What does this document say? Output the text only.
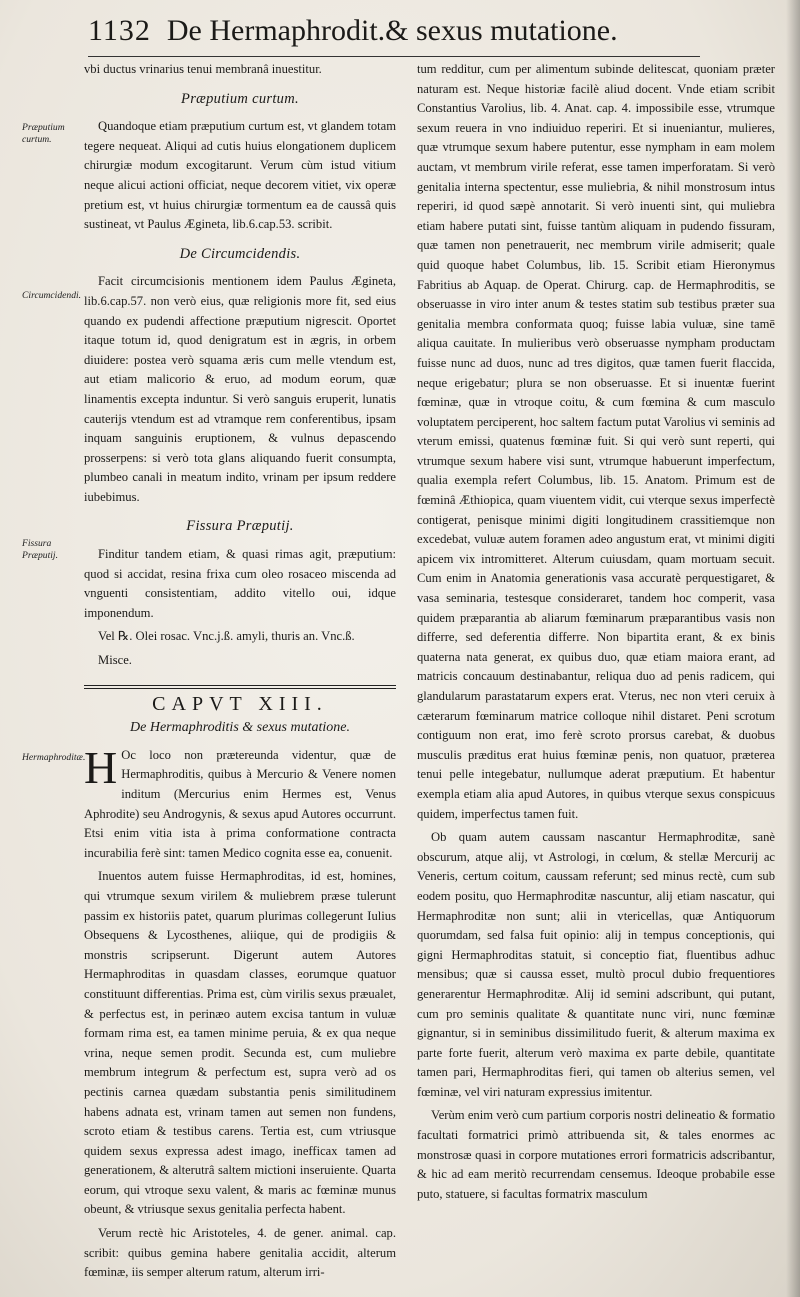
1132 De Hermaphrodit.& sexus mutatione.
Præputium curtum.
Circumcidendi.
Fissura Præputij.
Hermaphroditæ.

vbi ductus vrinarius tenui membranâ inuestitur.

Præputium curtum.

Quandoque etiam præputium curtum est, vt glandem totam tegere nequeat. Aliqui ad cutis huius elongationem duplicem chirurgiæ modum excogitarunt. Verum cùm istud vitium neque alicui actioni officiat, neque decorem vitiet, vix operæ pretium est, vt huius chirurgiæ tormentum ea de caussâ quis sustineat, vt Paulus Ægineta, lib.6.cap.53. scribit.

De Circumcidendis.

Facit circumcisionis mentionem idem Paulus Ægineta, lib.6.cap.57. non verò eius, quæ religionis more fit, sed eius quando ex pudendi affectione præputium nigrescit. Oportet itaque totum id, quod denigratum est in ægris, in orbem diuidere: postea verò squama æris cum melle vtendum est, aut etiam malicorio & eruo, ad modum eorum, quæ linamentis excepta induntur. Si verò sanguis eruperit, lunatis cauterijs vtendum est ad vtramque rem conferentibus, ipsam inquam sanguinis eruptionem, & vulnus depascendo prosserpens: si verò tota glans aliquando fuerit consumpta, plumbeo canali in meatum indito, vrinam per ipsum reddere iubebimus.

Fissura Præputij.

Finditur tandem etiam, & quasi rimas agit, præputium: quod si accidat, resina frixa cum oleo rosaceo miscenda ad vnguenti consistentiam, addito vitello oui, idque imponendum.

Vel ℞. Olei rosac. Vnc.j.ß. amyli, thuris an. Vnc.ß.

Misce.

CAPVT XIII.
De Hermaphroditis & sexus mutatione.

H Oc loco non prætereunda videntur, quæ de Hermaphroditis, quibus à Mercurio & Venere nomen inditum (Mercurius enim Hermes est, Venus Aphrodite) seu Androgynis, & sexus apud Autores occurrunt. Etsi enim vitia ista à prima conformatione contracta incurabilia ferè sint: tamen Medico cognita esse ea, conuenit.

Inuentos autem fuisse Hermaphroditas, id est, homines, qui vtrumque sexum virilem & muliebrem præse tulerunt passim ex historiis patet, quarum plurimas collegerunt Iulius Obsequens & Lycosthenes, aliique, qui de prodigiis & monstris scripserunt. Digerunt autem Autores Hermaphroditas in quasdam classes, eorumque quatuor constituunt differentias. Prima est, cùm virilis sexus præualet, & perfectus est, in perinæo autem excisa tantum in vuluæ formam rima est, ea tamen minime peruia, & ex qua neque vrina, neque semen prodit. Secunda est, cum muliebre membrum integrum & perfectum est, supra verò ad os pectinis carnea quædam substantia penis similitudinem habens adnata est, vrinam tamen aut semen non fundens, scroto etiam & testibus carens. Tertia est, cum vtriusque quidem sexus expressa adest imago, inefficax tamen ad generationem, & alterutrâ saltem mictioni inseruiente. Quarta eorum, qui vtroque sexu valent, & maris ac fœminæ munus obeunt, & vtriusque sexus genitalia perfecta habent.

Verum rectè hic Aristoteles, 4. de gener. animal. cap. scribit: quibus gemina habere genitalia accidit, alterum fœminæ, iis semper alterum ratum, alterum irri-

tum redditur, cum per alimentum subinde delitescat, quoniam præter naturam est. Neque historiæ facilè aliud docent. Vnde etiam scribit Constantius Varolius, lib. 4. Anat. cap. 4. impossibile esse, vtrumque sexum reuera in vno indiuiduo reperiri. Et si inueniantur, mulieres, quæ vtrumque sexum habere putentur, esse nympham in eam molem auctam, vt membrum virile referat, esse tamen imperforatam. Si verò genitalia interna spectentur, esse muliebria, & nihil monstrosum intus reperiri, id quod sæpè annotarit. Si verò inuenti sint, qui muliebra etiam habere putati sint, fuisse tantùm aliquam in pudendo fissuram, quæ tamen non penetrauerit, nec membrum virile admiserit; quale quid quoque habet Columbus, lib. 15. Scribit etiam Hieronymus Fabritius ab Aquap. de Operat. Chirurg. cap. de Hermaphroditis, se obseruasse in viro inter anum & testes statim sub testibus præter sua genitalia membra conformata quoq; fuisse labia vuluæ, sine tamē aliqua cauitate. In mulieribus verò obseruasse nympham productam fuisse nunc ad duos, nunc ad tres digitos, quæ tamen fuerit flaccida, neque erigebatur; plura se non obseruasse. Et si inuentæ fuerint fœminæ, quæ in vtroque coitu, & cum fœmina & cum masculo voluptatem perciperent, hoc saltem factum putat Varolius vi seminis ad vterum emissi, quatenus fœminæ fuit. Si qui verò sunt reperti, qui vtrumque sexum habere visi sunt, vtrumque habuerunt imperfectum, qualia exempla refert Columbus, lib. 15. Anatom. Primum est de fœminâ Æthiopica, quam viuentem vidit, cui vterque sexus imperfectè contigerat, penisque minimi digiti longitudinem crassitiemque non excedebat, vuluæ autem foramen adeo angustum erat, vt minimi digiti apicem vix intromitteret. Alterum cuiusdam, quam mortuam secuit. Cum enim in Anatomia generationis vasa accuratè perquestigaret, & vasa seminaria, testesque consideraret, tandem hoc comperit, vasa quidem præparantia ab aliarum fœminarum præparantibus vasis non differre, sed deferentia differre. Non bipartita erant, & ex binis quaterna nata generat, ex quibus duo, quæ etiam maiora erant, ad matricis concauum destinabantur, reliqua duo ad penis radicem, qui glandularum parastatarum expers erat. Vterus, nec non vteri ceruix à cæterarum fœminarum matrice colloque nihil distaret. Peni scrotum contiguum non erat, imo ferè scroto prorsus carebat, & duobus musculis præditus erat huius fœminæ penis, non quatuor, præterea tenui pelle integebatur, nullumque aderat præputium. Et habentur exempla etiam alia apud Autores, in quibus vterque sexus conspicuus quidem, imperfectus tamen fuit.

Ob quam autem caussam nascantur Hermaphroditæ, sanè obscurum, atque alij, vt Astrologi, in cœlum, & stellæ Mercurij ac Veneris, certum coitum, caussam referunt; sed minus rectè, cum sub eodem positu, quo Hermaphroditæ nascuntur, alij etiam nascatur, qui Hermaphroditæ non sunt; alii in vtericellas, quæ Antiquorum quorumdam, sed falsa fuit opinio: alij in tempus conceptionis, qui gigni Hermaphroditas statuit, si conceptio fiat, fluentibus adhuc mensibus; quæ si caussa esset, multò procul dubio frequentiores generarentur Hermaphroditæ. Alij id semini adscribunt, qui putant, cum pro seminis qualitate & quantitate nunc viri, nunc fœminæ gignantur, si in seminibus dissimilitudo fuerit, & alterum maxima ex parte forte fuerit, alterum verò maxima ex parte debile, quantitate tamen pari, Hermaphroditas fieri, qui tamen ob alterius semen, vel fœminæ, vel viri naturam expressius imitentur.

Verùm enim verò cum partium corporis nostri delineatio & formatio facultati formatrici primò attribuenda sit, & tales enormes ac monstrosæ quasi in corpore mutationes errori formatricis adscribantur, & hic ad eam meritò recurrendam censemus. Ideoque probabile esse puto, statuere, si facultas formatrix masculum
